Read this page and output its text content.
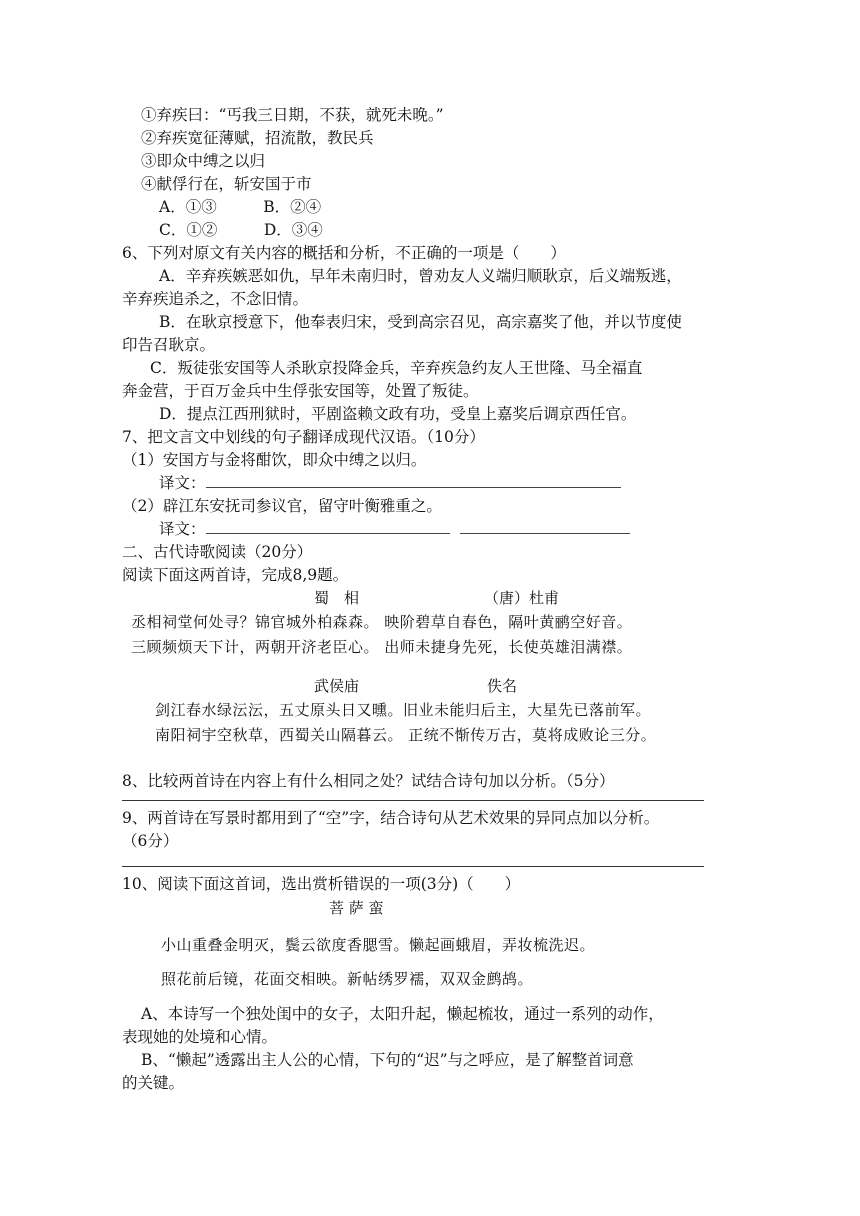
①弃疾曰：“丐我三日期，不获，就死未晚。”
②弃疾宽征薄赋，招流散，教民兵
③即众中缚之以归
④献俘行在，斩安国于市
A．①③　　　B．②④
C．①②　　　D．③④
6、下列对原文有关内容的概括和分析，不正确的一项是（　　）
A．辛弃疾嫉恶如仇，早年未南归时，曾劝友人义端归顺耿京，后义端叛逃，
辛弃疾追杀之，不念旧情。
B．在耿京授意下，他奉表归宋，受到高宗召见，高宗嘉奖了他，并以节度使
印告召耿京。
C．叛徒张安国等人杀耿京投降金兵，辛弃疾急约友人王世隆、马全福直
奔金营，于百万金兵中生俘张安国等，处置了叛徒。
D．提点江西刑狱时，平剧盗赖文政有功，受皇上嘉奖后调京西任官。
7、把文言文中划线的句子翻译成现代汉语。（10分）
（1）安国方与金将酣饮，即众中缚之以归。
译文：
（2）辟江东安抚司参议官，留守叶衡雅重之。
译文：
二、古代诗歌阅读（20分）
阅读下面这两首诗，完成8,9题。
蜀　相	（唐）杜甫
丞相祠堂何处寻？锦官城外柏森森。 映阶碧草自春色，隔叶黄鹂空好音。
三顾频烦天下计，两朝开济老臣心。 出师未捷身先死，长使英雄泪满襟。
武侯庙	佚名
剑江春水绿沄沄，五丈原头日又曛。旧业未能归后主，大星先已落前军。
南阳祠宇空秋草，西蜀关山隔暮云。 正统不惭传万古，莫将成败论三分。
8、比较两首诗在内容上有什么相同之处？试结合诗句加以分析。（5分）
9、两首诗在写景时都用到了“空”字，结合诗句从艺术效果的异同点加以分析。
（6分）
10、阅读下面这首词，选出赏析错误的一项(3分)（　　）
菩 萨 蛮
小山重叠金明灭，鬓云欲度香腮雪。懒起画蛾眉，弄妆梳洗迟。
照花前后镜，花面交相映。新帖绣罗襦，双双金鹧鸪。
A、本诗写一个独处闺中的女子，太阳升起，懒起梳妆，通过一系列的动作，
表现她的处境和心情。
B、“懒起”透露出主人公的心情，下句的“迟”与之呼应，是了解整首词意
的关键。
